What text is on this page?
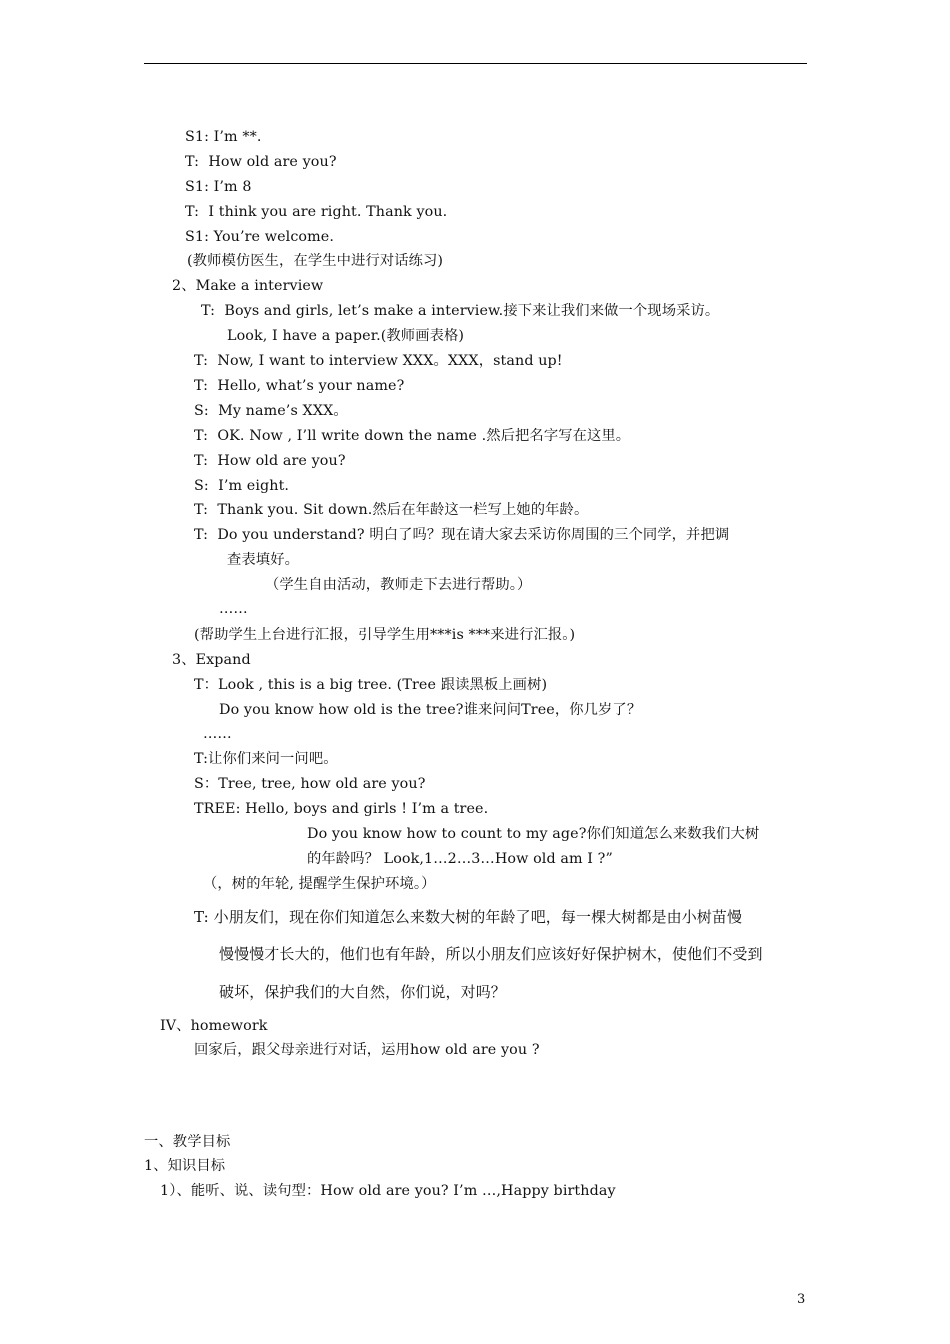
S1: I’m **.
T:  How old are you?
S1: I’m 8
T:  I think you are right. Thank you.
S1: You’re welcome.
(教师模仿医生，在学生中进行对话练习)
2、Make a interview
T:  Boys and girls, let’s make a interview.接下来让我们来做一个现场采访。
Look, I have a paper.(教师画表格)
T:  Now, I want to interview XXX。XXX，stand up!
T:  Hello, what’s your name?
S:  My name’s XXX。
T:  OK. Now , I’ll write down the name .然后把名字写在这里。
T:  How old are you?
S:  I’m eight.
T:  Thank you. Sit down.然后在年龄这一栏写上她的年龄。
T:  Do you understand? 明白了吗？现在请大家去采访你周围的三个同学，并把调
查表填好。
（学生自由活动，教师走下去进行帮助。）
……
(帮助学生上台进行汇报，引导学生用***is ***来进行汇报。)
3、Expand
T：Look , this is a big tree. (Tree 跟读黑板上画树)
Do you know how old is the tree?谁来问问Tree，你几岁了？
……
T:让你们来问一问吧。
S：Tree, tree, how old are you?
TREE: Hello, boys and girls ! I’m a tree.
Do you know how to count to my age?你们知道怎么来数我们大树
的年龄吗？ Look,1…2…3…How old am I ?”
（，树的年轮, 提醒学生保护环境。）
T: 小朋友们，现在你们知道怎么来数大树的年龄了吧，每一棵大树都是由小树苗慢
慢慢慢才长大的，他们也有年龄，所以小朋友们应该好好保护树木，使他们不受到
破坏，保护我们的大自然，你们说，对吗？
IV、homework
回家后，跟父母亲进行对话，运用how old are you ?
一、教学目标
1、知识目标
1）、能听、说、读句型：How old are you? I’m …,Happy birthday
3
